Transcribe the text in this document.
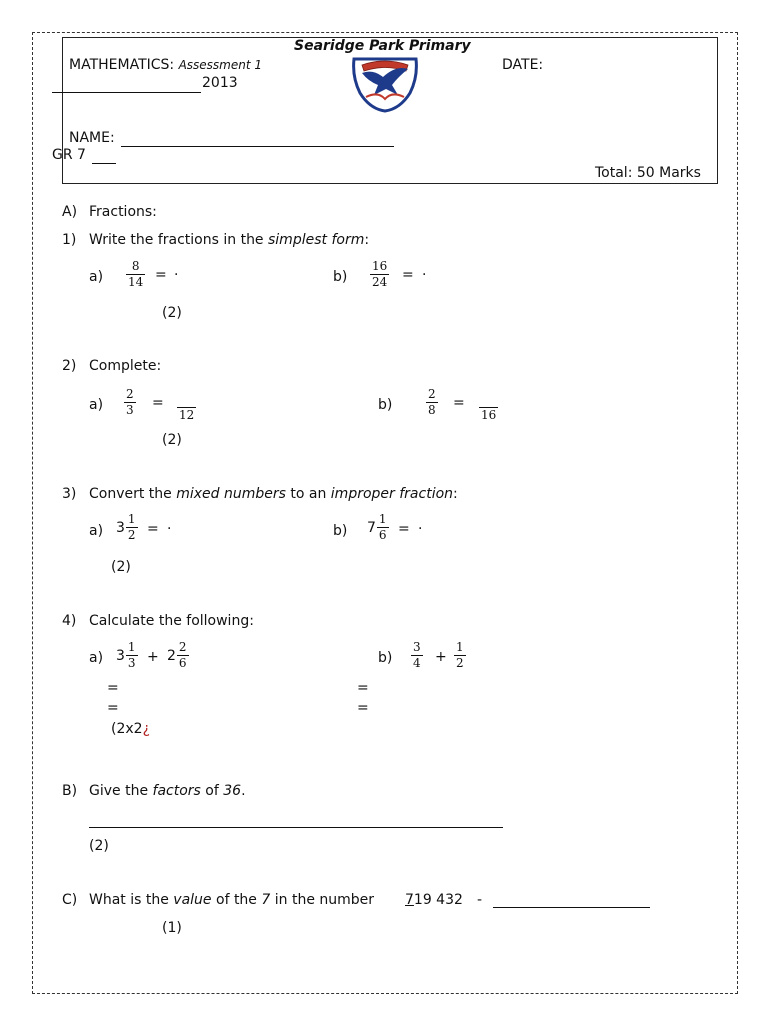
Searidge Park Primary
MATHEMATICS: Assessment 1
2013
DATE:
NAME:
GR 7
Total: 50 Marks
A) Fractions:
1) Write the fractions in the simplest form:
$a) \frac{8}{14}$ = ·	$b) \frac{16}{24}$ = ·
(2)
2) Complete:
$a) \frac{2}{3}$ =
12
b)	$\frac{2}{8}$ =
16
(2)
3) Convert the mixed numbers to an improper fraction:
a) $3 \frac{1}{2}$ = ·	b) $7 \frac{1}{6}$ = ·
(2)
4) Calculate the following:
a) $3 \frac{1}{3} + 2 \frac{2}{6}$	$b) \frac{3}{4} + \frac{1}{2}$
=
=
=
=
(2x2¿
B) Give the factors of 36.
(2)
C) What is the value of the 7 in the number 719 432 -
(1)
